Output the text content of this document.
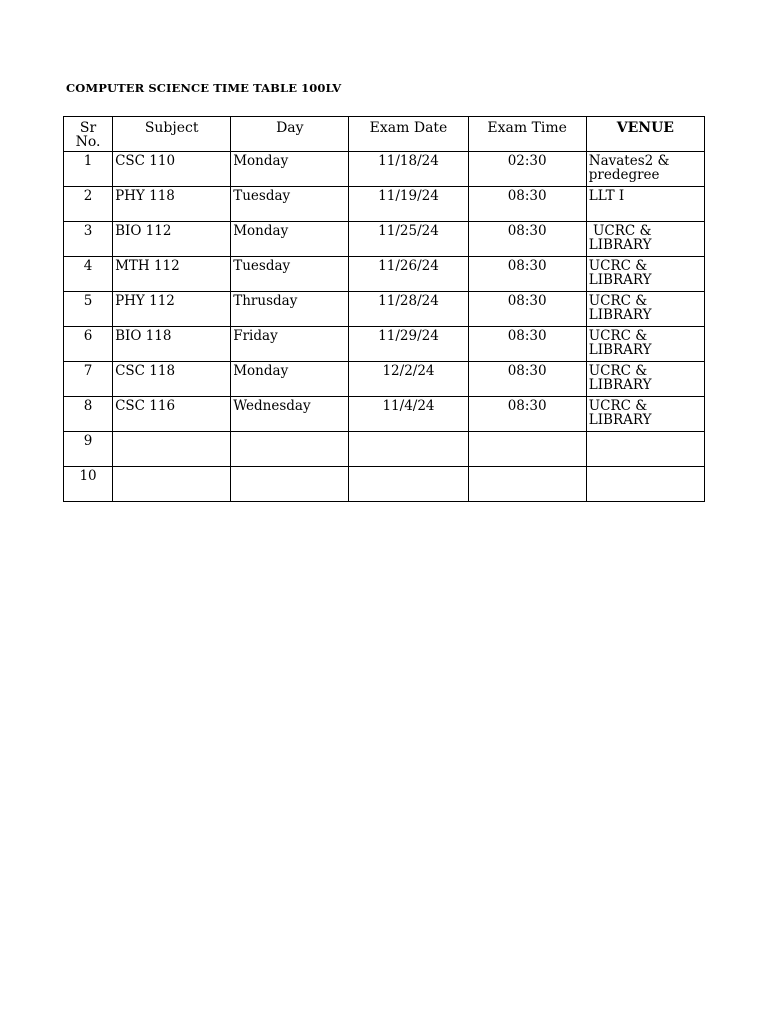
COMPUTER SCIENCE TIME TABLE 100LV
Sr
No.	Subject	Day	Exam Date	Exam Time	VENUE
1	CSC 110	Monday	11/18/24	02:30	Navates2 &
predegree

2	PHY 118	Tuesday	11/19/24	08:30	LLT I

3	BIO 112	Monday	11/25/24	08:30	UCRC &
LIBRARY

4	MTH 112	Tuesday	11/26/24	08:30	UCRC &
LIBRARY

5	PHY 112	Thrusday	11/28/24	08:30	UCRC &
LIBRARY

6	BIO 118	Friday	11/29/24	08:30	UCRC &
LIBRARY

7	CSC 118	Monday	12/2/24	08:30	UCRC &
LIBRARY

8	CSC 116	Wednesday	11/4/24	08:30	UCRC &
LIBRARY

9					

10					
